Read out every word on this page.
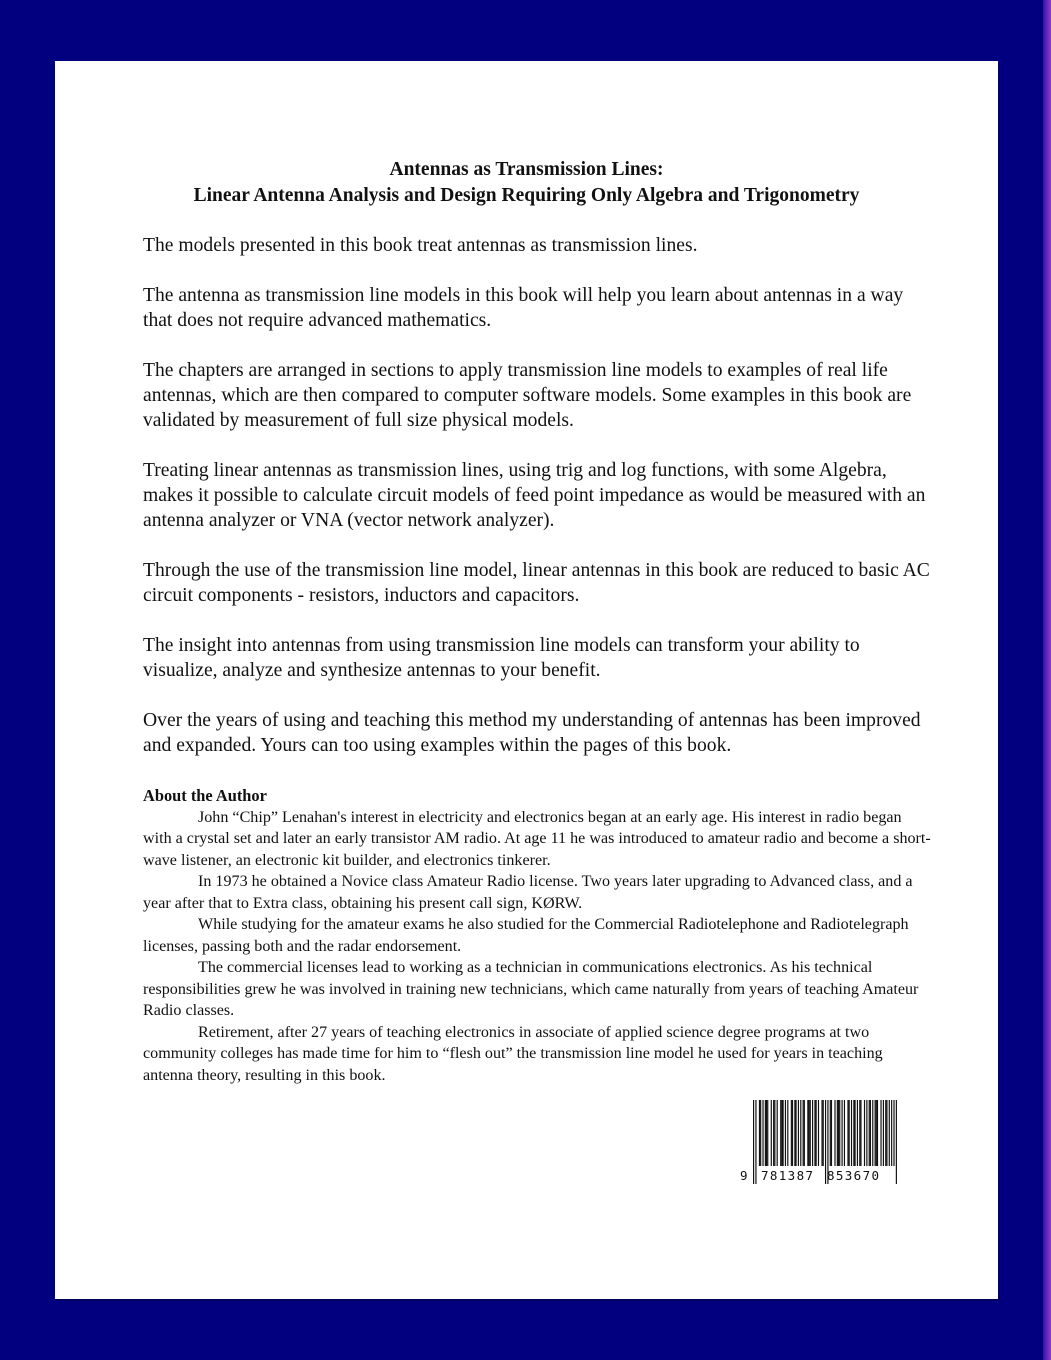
Antennas as Transmission Lines:
Linear Antenna Analysis and Design Requiring Only Algebra and Trigonometry

The models presented in this book treat antennas as transmission lines.

The antenna as transmission line models in this book will help you learn about antennas in a way that does not require advanced mathematics.

The chapters are arranged in sections to apply transmission line models to examples of real life antennas, which are then compared to computer software models. Some examples in this book are validated by measurement of full size physical models.

Treating linear antennas as transmission lines, using trig and log functions, with some Algebra, makes it possible to calculate circuit models of feed point impedance as would be measured with an antenna analyzer or VNA (vector network analyzer).

Through the use of the transmission line model, linear antennas in this book are reduced to basic AC circuit components - resistors, inductors and capacitors.

The insight into antennas from using transmission line models can transform your ability to visualize, analyze and synthesize antennas to your benefit.

Over the years of using and teaching this method my understanding of antennas has been improved and expanded. Yours can too using examples within the pages of this book.

About the Author

John “Chip” Lenahan's interest in electricity and electronics began at an early age. His interest in radio began with a crystal set and later an early transistor AM radio. At age 11 he was introduced to amateur radio and become a short-wave listener, an electronic kit builder, and electronics tinkerer.

In 1973 he obtained a Novice class Amateur Radio license. Two years later upgrading to Advanced class, and a year after that to Extra class, obtaining his present call sign, KØRW.

While studying for the amateur exams he also studied for the Commercial Radiotelephone and Radiotelegraph licenses, passing both and the radar endorsement.

The commercial licenses lead to working as a technician in communications electronics. As his technical responsibilities grew he was involved in training new technicians, which came naturally from years of teaching Amateur Radio classes.

Retirement, after 27 years of teaching electronics in associate of applied science degree programs at two community colleges has made time for him to “flesh out” the transmission line model he used for years in teaching antenna theory, resulting in this book.

9 781387 853670
